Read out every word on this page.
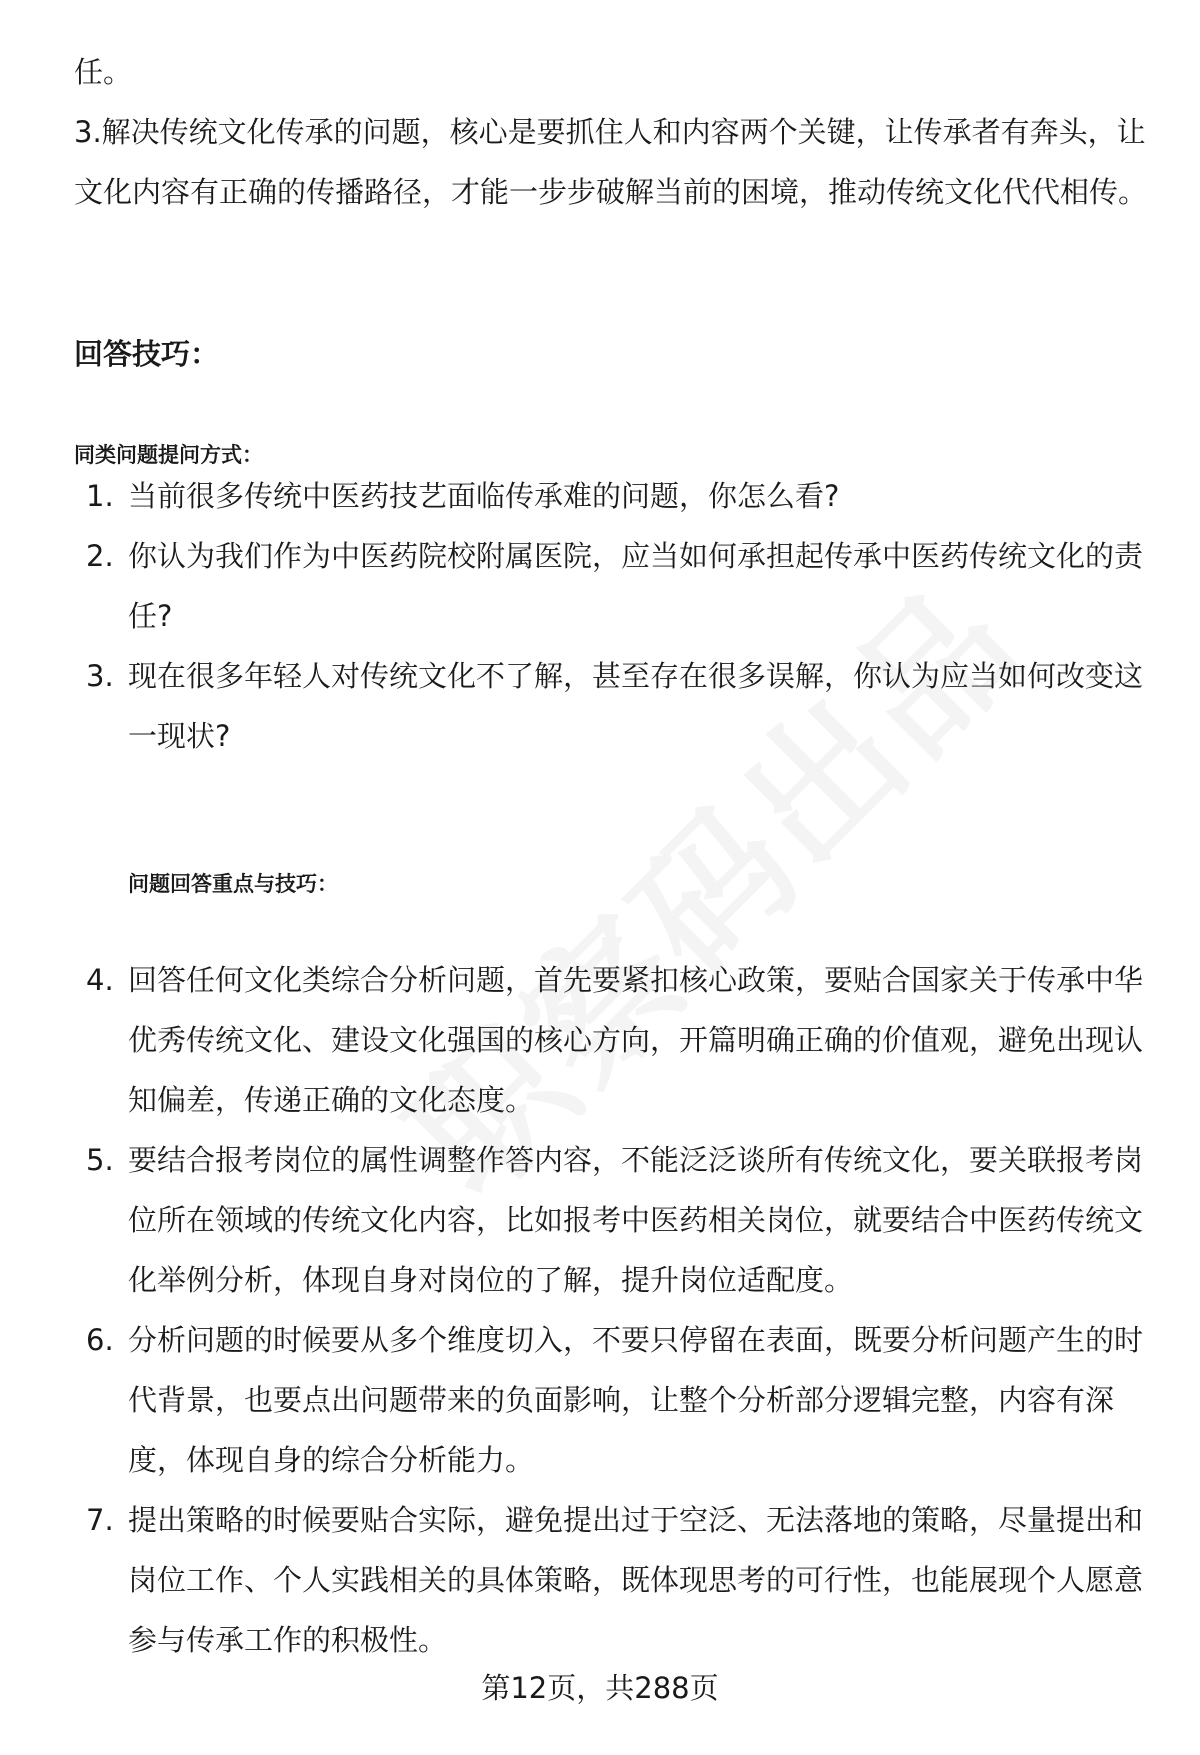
任。

3.解决传统文化传承的问题，核心是要抓住人和内容两个关键，让传承者有奔头，让文化内容有正确的传播路径，才能一步步破解当前的困境，推动传统文化代代相传。

回答技巧：
同类问题提问方式：
1. 当前很多传统中医药技艺面临传承难的问题，你怎么看?
2. 你认为我们作为中医药院校附属医院，应当如何承担起传承中医药传统文化的责任?
3. 现在很多年轻人对传统文化不了解，甚至存在很多误解，你认为应当如何改变这一现状?
问题回答重点与技巧：
4. 回答任何文化类综合分析问题，首先要紧扣核心政策，要贴合国家关于传承中华优秀传统文化、建设文化强国的核心方向，开篇明确正确的价值观，避免出现认知偏差，传递正确的文化态度。
5. 要结合报考岗位的属性调整作答内容，不能泛泛谈所有传统文化，要关联报考岗位所在领域的传统文化内容，比如报考中医药相关岗位，就要结合中医药传统文化举例分析，体现自身对岗位的了解，提升岗位适配度。
6. 分析问题的时候要从多个维度切入，不要只停留在表面，既要分析问题产生的时代背景，也要点出问题带来的负面影响，让整个分析部分逻辑完整，内容有深度，体现自身的综合分析能力。
7. 提出策略的时候要贴合实际，避免提出过于空泛、无法落地的策略，尽量提出和岗位工作、个人实践相关的具体策略，既体现思考的可行性，也能展现个人愿意参与传承工作的积极性。
第12页，共288页
